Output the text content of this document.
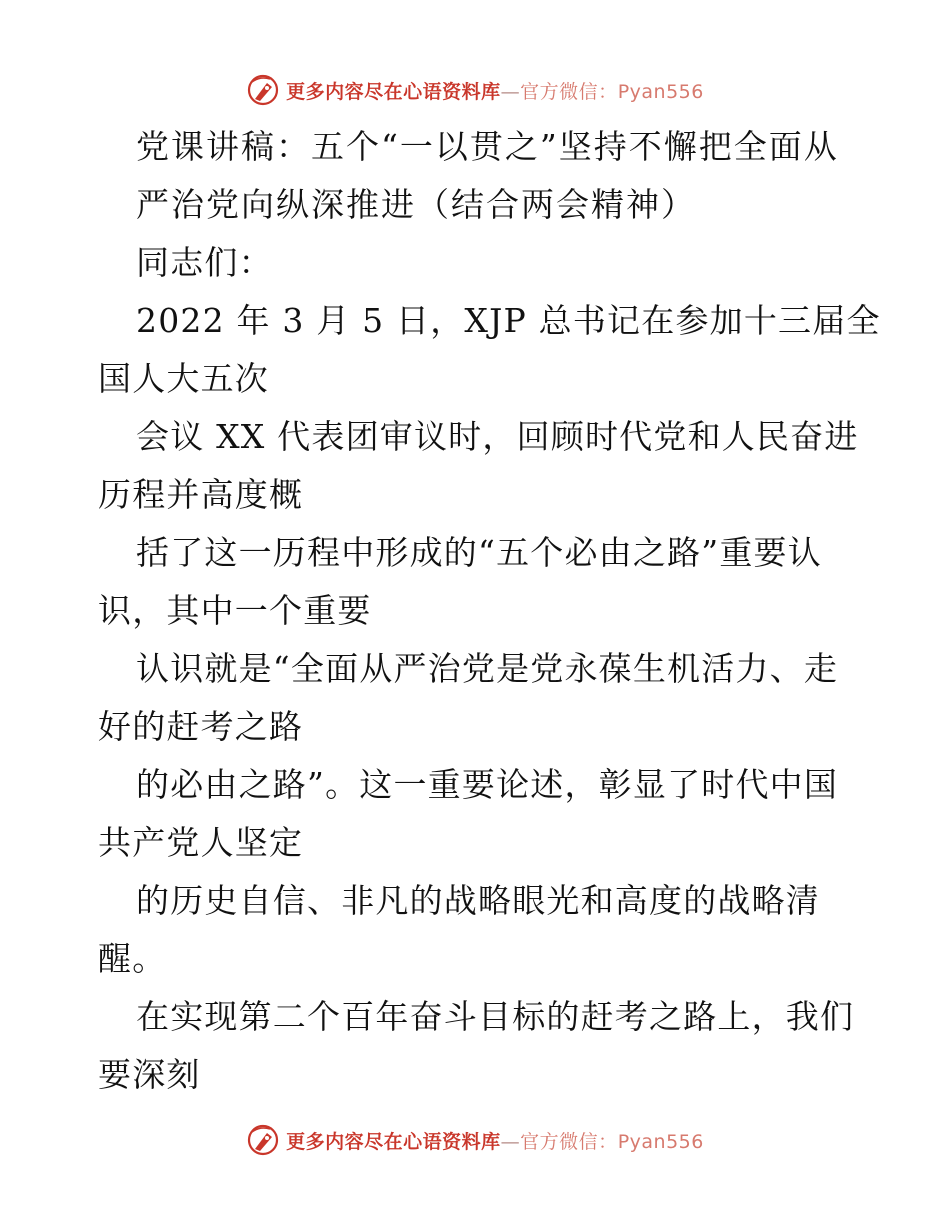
更多内容尽在心语资料库—官方微信：Pyan556
党课讲稿：五个“一以贯之”坚持不懈把全面从
严治党向纵深推进（结合两会精神）
同志们：
2022 年 3 月 5 日，XJP 总书记在参加十三届全
国人大五次
会议 XX 代表团审议时，回顾时代党和人民奋进
历程并高度概
括了这一历程中形成的“五个必由之路”重要认
识，其中一个重要
认识就是“全面从严治党是党永葆生机活力、走
好的赶考之路
的必由之路”。这一重要论述，彰显了时代中国
共产党人坚定
的历史自信、非凡的战略眼光和高度的战略清
醒。
在实现第二个百年奋斗目标的赶考之路上，我们
要深刻
更多内容尽在心语资料库—官方微信：Pyan556
